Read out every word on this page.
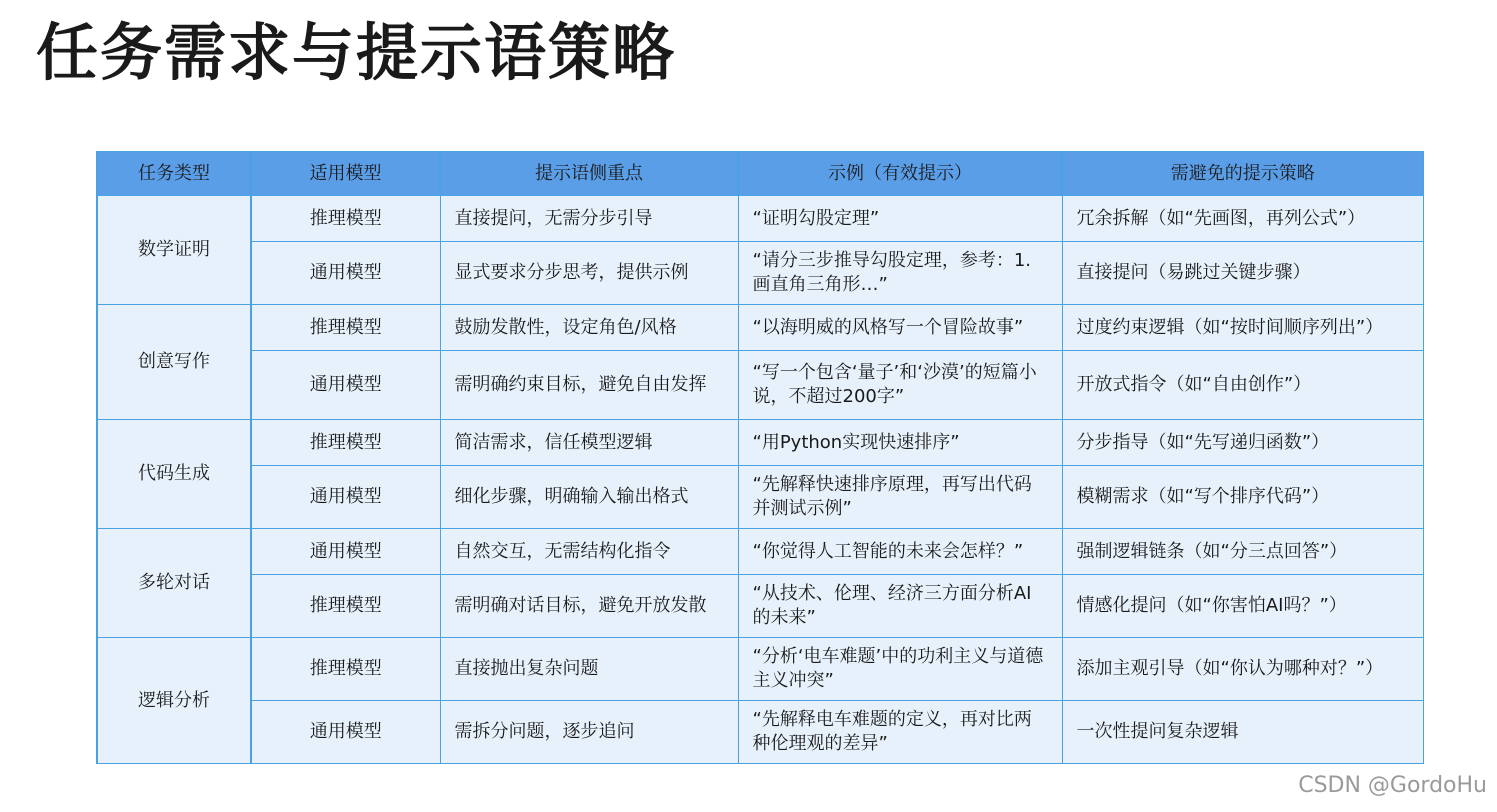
任务需求与提示语策略
任务类型	适用模型	提示语侧重点	示例（有效提示）	需避免的提示策略
数学证明	推理模型	直接提问，无需分步引导	“证明勾股定理”	冗余拆解（如“先画图，再列公式”）
	通用模型	显式要求分步思考，提供示例	“请分三步推导勾股定理，参考：1. 画直角三角形…”	直接提问（易跳过关键步骤）
创意写作	推理模型	鼓励发散性，设定角色/风格	“以海明威的风格写一个冒险故事”	过度约束逻辑（如“按时间顺序列出”）
	通用模型	需明确约束目标，避免自由发挥	“写一个包含‘量子’和‘沙漠’的短篇小说，不超过200字”	开放式指令（如“自由创作”）
代码生成	推理模型	简洁需求，信任模型逻辑	“用Python实现快速排序”	分步指导（如“先写递归函数”）
	通用模型	细化步骤，明确输入输出格式	“先解释快速排序原理，再写出代码并测试示例”	模糊需求（如“写个排序代码”）
多轮对话	通用模型	自然交互，无需结构化指令	“你觉得人工智能的未来会怎样？”	强制逻辑链条（如“分三点回答”）
	推理模型	需明确对话目标，避免开放发散	“从技术、伦理、经济三方面分析AI的未来”	情感化提问（如“你害怕AI吗？”）
逻辑分析	推理模型	直接抛出复杂问题	“分析‘电车难题’中的功利主义与道德主义冲突”	添加主观引导（如“你认为哪种对？”）
	通用模型	需拆分问题，逐步追问	“先解释电车难题的定义，再对比两种伦理观的差异”	一次性提问复杂逻辑
CSDN @GordoHu
